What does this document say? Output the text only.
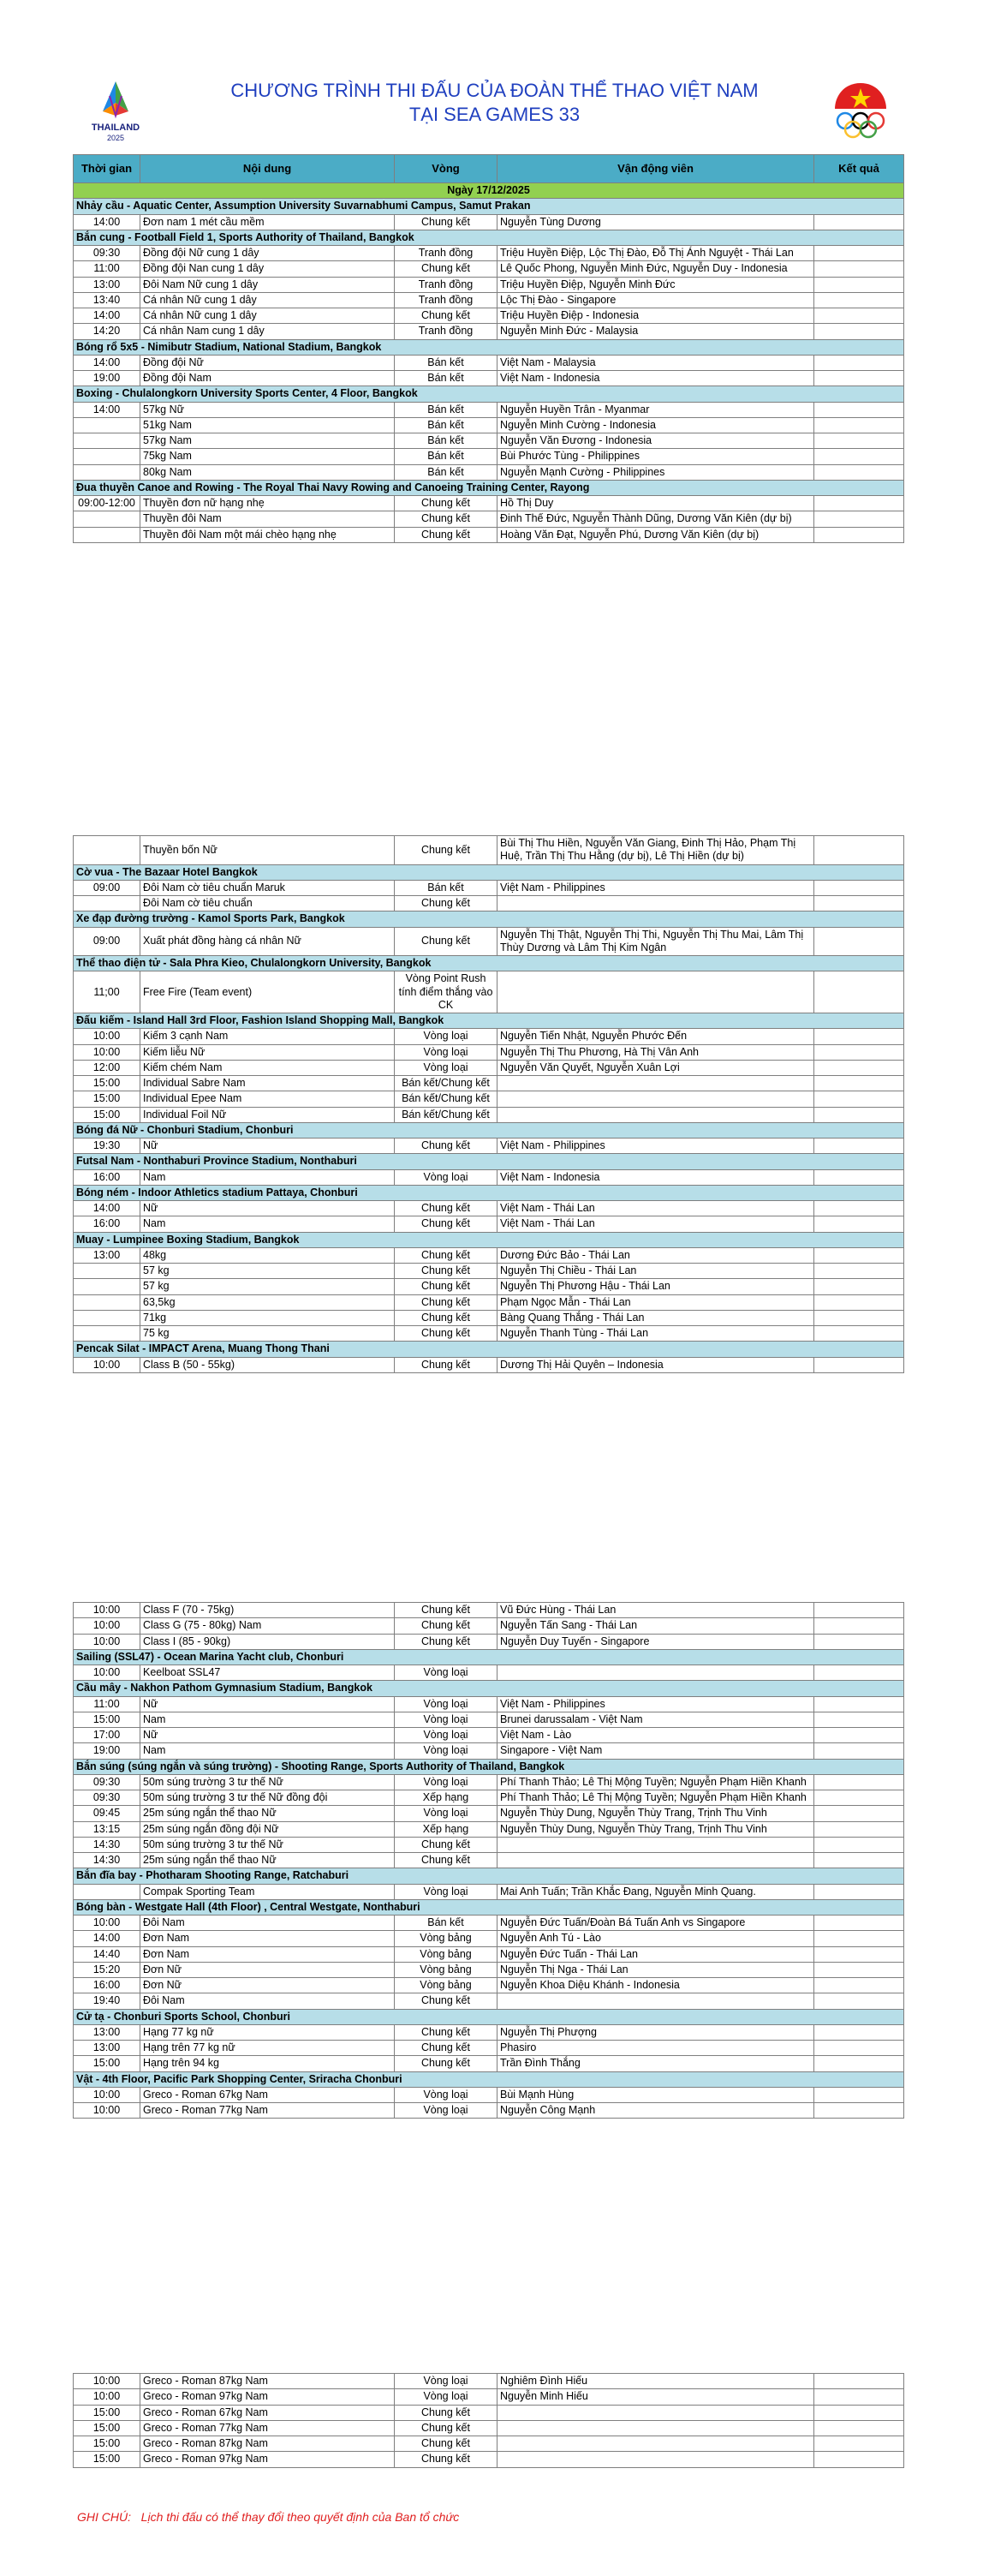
THAILAND
2025
CHƯƠNG TRÌNH THI ĐẤU CỦA ĐOÀN THỂ THAO VIỆT NAM
TẠI SEA GAMES 33
Thời gian	Nội dung	Vòng	Vận động viên	Kết quả
Ngày 17/12/2025				
Nhảy cầu - Aquatic Center, Assumption University Suvarnabhumi Campus, Samut Prakan				
14:00	Đơn nam 1 mét cầu mềm	Chung kết	Nguyễn Tùng Dương	
Bắn cung - Football Field 1, Sports Authority of Thailand, Bangkok				
09:30	Đồng đội Nữ cung 1 dây	Tranh đồng	Triệu Huyền Điệp, Lộc Thị Đào, Đỗ Thị Ánh Nguyệt - Thái Lan	
11:00	Đồng đội Nan cung 1 dây	Chung kết	Lê Quốc Phong, Nguyễn Minh Đức, Nguyễn Duy - Indonesia	
13:00	Đôi Nam Nữ cung 1 dây	Tranh đồng	Triệu Huyền Điệp, Nguyễn Minh Đức	
13:40	Cá nhân Nữ cung 1 dây	Tranh đồng	Lộc Thị Đào - Singapore	
14:00	Cá nhân Nữ cung 1 dây	Chung kết	Triệu Huyền Điệp - Indonesia	
14:20	Cá nhân Nam cung 1 dây	Tranh đồng	Nguyễn Minh Đức - Malaysia	
Bóng rổ 5x5 - Nimibutr Stadium, National Stadium, Bangkok				
14:00	Đồng đội Nữ	Bán kết	Việt Nam - Malaysia	
19:00	Đồng đội Nam	Bán kết	Việt Nam - Indonesia	
Boxing - Chulalongkorn University Sports Center, 4 Floor, Bangkok				
14:00	57kg Nữ	Bán kết	Nguyễn Huyền Trân - Myanmar	
	51kg Nam	Bán kết	Nguyễn Minh Cường - Indonesia	
	57kg Nam	Bán kết	Nguyễn Văn Đương - Indonesia	
	75kg Nam	Bán kết	Bùi Phước Tùng - Philippines	
	80kg Nam	Bán kết	Nguyễn Mạnh Cường - Philippines	
Đua thuyền Canoe and Rowing - The Royal Thai Navy Rowing and Canoeing Training Center, Rayong				
09:00-12:00	Thuyền đơn nữ hạng nhẹ	Chung kết	Hồ Thị Duy	
	Thuyền đôi Nam	Chung kết	Đinh Thế Đức, Nguyễn Thành Dũng, Dương Văn Kiên (dự bị)	
	Thuyền đôi Nam một mái chèo hạng nhẹ	Chung kết	Hoàng Văn Đạt, Nguyễn Phú, Dương Văn Kiên (dự bị)	
	Thuyền bốn Nữ	Chung kết	Bùi Thị Thu Hiền, Nguyễn Văn Giang, Đinh Thị Hảo, Phạm Thị Huệ, Trần Thị Thu Hằng (dự bị), Lê Thị Hiền (dự bị)	
Cờ vua - The Bazaar Hotel Bangkok				
09:00	Đôi Nam cờ tiêu chuẩn Maruk	Bán kết	Việt Nam - Philippines	
	Đôi Nam cờ tiêu chuẩn	Chung kết		
Xe đạp đường trường - Kamol Sports Park, Bangkok				
09:00	Xuất phát đồng hàng cá nhân Nữ	Chung kết	Nguyễn Thị Thật, Nguyễn Thị Thi, Nguyễn Thị Thu Mai, Lâm Thị Thùy Dương và Lâm Thị Kim Ngân	
Thể thao điện tử - Sala Phra Kieo, Chulalongkorn University, Bangkok				
11;00	Free Fire (Team event)	Vòng Point Rush tính điểm thắng vào CK		
Đấu kiếm - Island Hall 3rd Floor, Fashion Island Shopping Mall, Bangkok				
10:00	Kiếm 3 cạnh Nam	Vòng loại	Nguyễn Tiến Nhật, Nguyễn Phước Đến	
10:00	Kiếm liễu Nữ	Vòng loại	Nguyễn Thị Thu Phương, Hà Thị Vân Anh	
12:00	Kiếm chém Nam	Vòng loại	Nguyễn Văn Quyết, Nguyễn Xuân Lợi	
15:00	Individual Sabre Nam	Bán kết/Chung kết		
15:00	Individual Epee Nam	Bán kết/Chung kết		
15:00	Individual Foil Nữ	Bán kết/Chung kết		
Bóng đá Nữ - Chonburi Stadium, Chonburi				
19:30	Nữ	Chung kết	Việt Nam - Philippines	
Futsal Nam - Nonthaburi Province Stadium, Nonthaburi				
16:00	Nam	Vòng loại	Việt Nam - Indonesia	
Bóng ném - Indoor Athletics stadium Pattaya, Chonburi				
14:00	Nữ	Chung kết	Việt Nam - Thái Lan	
16:00	Nam	Chung kết	Việt Nam - Thái Lan	
Muay - Lumpinee Boxing Stadium, Bangkok				
13:00	48kg	Chung kết	Dương Đức Bảo - Thái Lan	
	57 kg	Chung kết	Nguyễn Thị Chiều - Thái Lan	
	57 kg	Chung kết	Nguyễn Thị Phương Hậu - Thái Lan	
	63,5kg	Chung kết	Phạm Ngọc Mẫn - Thái Lan	
	71kg	Chung kết	Bàng Quang Thắng - Thái Lan	
	75 kg	Chung kết	Nguyễn Thanh Tùng - Thái Lan	
Pencak Silat - IMPACT Arena, Muang Thong Thani				
10:00	Class B (50 - 55kg)	Chung kết	Dương Thị Hải Quyên – Indonesia	
10:00	Class F (70 - 75kg)	Chung kết	Vũ Đức Hùng - Thái Lan	
10:00	Class G (75 - 80kg) Nam	Chung kết	Nguyễn Tấn Sang - Thái Lan	
10:00	Class I (85 - 90kg)	Chung kết	Nguyễn Duy Tuyến - Singapore	
Sailing (SSL47) - Ocean Marina Yacht club, Chonburi				
10:00	Keelboat SSL47	Vòng loại		
Cầu mây - Nakhon Pathom Gymnasium Stadium, Bangkok				
11:00	Nữ	Vòng loại	Việt Nam - Philippines	
15:00	Nam	Vòng loại	Brunei darussalam - Việt Nam	
17:00	Nữ	Vòng loại	Việt Nam - Lào	
19:00	Nam	Vòng loại	Singapore - Việt Nam	
Bắn súng (súng ngắn và súng trường) - Shooting Range, Sports Authority of Thailand, Bangkok				
09:30	50m súng trường 3 tư thế Nữ	Vòng loại	Phí Thanh Thảo; Lê Thị Mộng Tuyền; Nguyễn Phạm Hiền Khanh	
09:30	50m súng trường 3 tư thế Nữ đồng đội	Xếp hạng	Phí Thanh Thảo; Lê Thị Mộng Tuyền; Nguyễn Phạm Hiền Khanh	
09:45	25m súng ngắn thể thao Nữ	Vòng loại	Nguyễn Thùy Dung, Nguyễn Thùy Trang, Trịnh Thu Vinh	
13:15	25m súng ngắn đồng đội Nữ	Xếp hạng	Nguyễn Thùy Dung, Nguyễn Thùy Trang, Trịnh Thu Vinh	
14:30	50m súng trường 3 tư thế Nữ	Chung kết		
14:30	25m súng ngắn thể thao Nữ	Chung kết		
Bắn đĩa bay - Photharam Shooting Range, Ratchaburi				
	Compak Sporting Team	Vòng loại	Mai Anh Tuấn; Trần Khắc Đang, Nguyễn Minh Quang.	
Bóng bàn - Westgate Hall (4th Floor) , Central Westgate, Nonthaburi				
10:00	Đôi Nam	Bán kết	Nguyễn Đức Tuấn/Đoàn Bá Tuấn Anh vs Singapore	
14:00	Đơn Nam	Vòng bảng	Nguyễn Anh Tú - Lào	
14:40	Đơn Nam	Vòng bảng	Nguyễn Đức Tuấn - Thái Lan	
15:20	Đơn Nữ	Vòng bảng	Nguyễn Thị Nga - Thái Lan	
16:00	Đơn Nữ	Vòng bảng	Nguyễn Khoa Diệu Khánh - Indonesia	
19:40	Đôi Nam	Chung kết		
Cử tạ - Chonburi Sports School, Chonburi				
13:00	Hạng 77 kg nữ	Chung kết	Nguyễn Thị Phượng	
13:00	Hạng trên 77 kg nữ	Chung kết	Phasiro	
15:00	Hạng trên 94 kg	Chung kết	Trần Đình Thắng	
Vật - 4th Floor, Pacific Park Shopping Center, Sriracha Chonburi				
10:00	Greco - Roman 67kg Nam	Vòng loại	Bùi Mạnh Hùng	
10:00	Greco - Roman 77kg Nam	Vòng loại	Nguyễn Công Mạnh	
10:00	Greco - Roman 87kg Nam	Vòng loại	Nghiêm Đình Hiếu	
10:00	Greco - Roman 97kg Nam	Vòng loại	Nguyễn Minh Hiếu	
15:00	Greco - Roman 67kg Nam	Chung kết		
15:00	Greco - Roman 77kg Nam	Chung kết		
15:00	Greco - Roman 87kg Nam	Chung kết		
15:00	Greco - Roman 97kg Nam	Chung kết		
GHI CHÚ: Lịch thi đấu có thể thay đổi theo quyết định của Ban tổ chức
